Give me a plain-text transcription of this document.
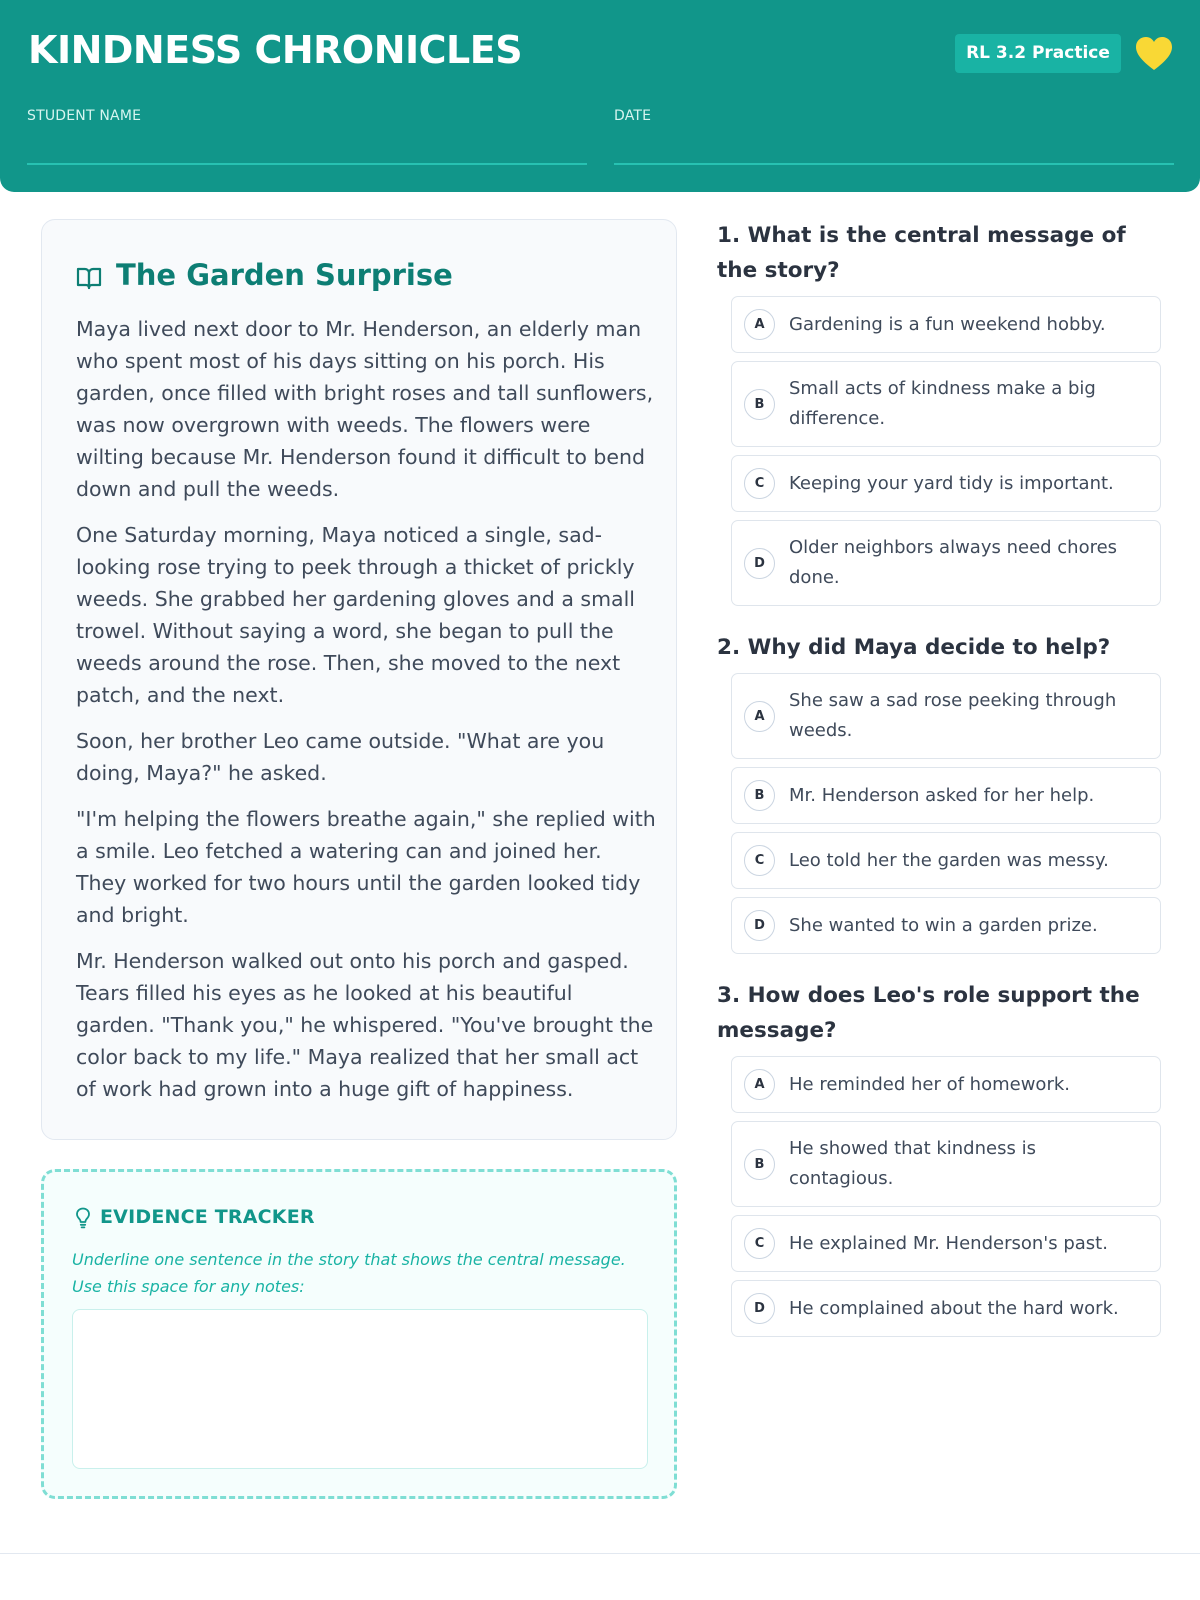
KINDNESS CHRONICLES	RL 3.2 Practice
STUDENT NAME	DATE
The Garden Surprise

Maya lived next door to Mr. Henderson, an elderly man who spent most of his days sitting on his porch. His garden, once filled with bright roses and tall sunflowers, was now overgrown with weeds. The flowers were wilting because Mr. Henderson found it difficult to bend down and pull the weeds.

One Saturday morning, Maya noticed a single, sad-looking rose trying to peek through a thicket of prickly weeds. She grabbed her gardening gloves and a small trowel. Without saying a word, she began to pull the weeds around the rose. Then, she moved to the next patch, and the next.

Soon, her brother Leo came outside. "What are you doing, Maya?" he asked.

"I'm helping the flowers breathe again," she replied with a smile. Leo fetched a watering can and joined her. They worked for two hours until the garden looked tidy and bright.

Mr. Henderson walked out onto his porch and gasped. Tears filled his eyes as he looked at his beautiful garden. "Thank you," he whispered. "You've brought the color back to my life." Maya realized that her small act of work had grown into a huge gift of happiness.

EVIDENCE TRACKER
Underline one sentence in the story that shows the central message. Use this space for any notes:
1. What is the central message of the story?
A	Gardening is a fun weekend hobby.
B
Small acts of kindness make a big difference.
C	Keeping your yard tidy is important.
D
Older neighbors always need chores done.
2. Why did Maya decide to help?
A
She saw a sad rose peeking through weeds.
B	Mr. Henderson asked for her help.
C	Leo told her the garden was messy.
D	She wanted to win a garden prize.
3. How does Leo's role support the message?
A	He reminded her of homework.
B
He showed that kindness is contagious.
C	He explained Mr. Henderson's past.
D	He complained about the hard work.
